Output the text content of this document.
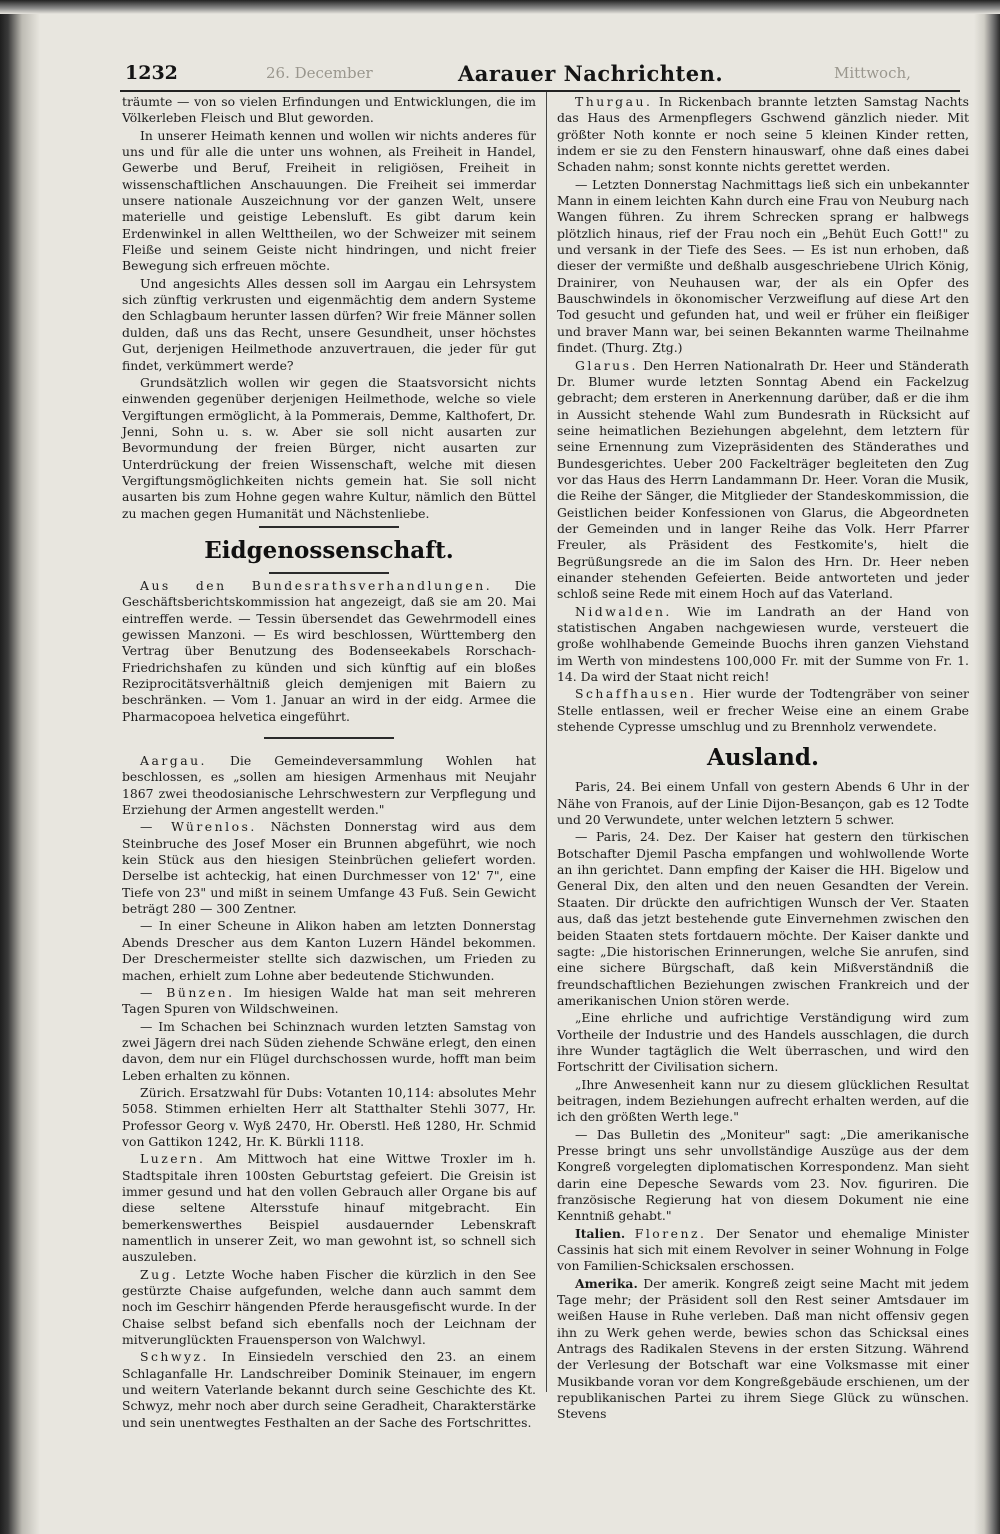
1232	26. December	Aarauer Nachrichten.	Mittwoch,

träumte — von so vielen Erfindungen und Entwicklungen, die im Völkerleben Fleisch und Blut geworden.

In unserer Heimath kennen und wollen wir nichts anderes für uns und für alle die unter uns wohnen, als Freiheit in Handel, Gewerbe und Beruf, Freiheit in religiösen, Freiheit in wissenschaftlichen Anschauungen. Die Freiheit sei immerdar unsere nationale Auszeichnung vor der ganzen Welt, unsere materielle und geistige Lebensluft. Es gibt darum kein Erdenwinkel in allen Welttheilen, wo der Schweizer mit seinem Fleiße und seinem Geiste nicht hindringen, und nicht freier Bewegung sich erfreuen möchte.

Und angesichts Alles dessen soll im Aargau ein Lehrsystem sich zünftig verkrusten und eigenmächtig dem andern Systeme den Schlagbaum herunter lassen dürfen? Wir freie Männer sollen dulden, daß uns das Recht, unsere Gesundheit, unser höchstes Gut, derjenigen Heilmethode anzuvertrauen, die jeder für gut findet, verkümmert werde?

Grundsätzlich wollen wir gegen die Staatsvorsicht nichts einwenden gegenüber derjenigen Heilmethode, welche so viele Vergiftungen ermöglicht, à la Pommerais, Demme, Kalthofert, Dr. Jenni, Sohn u. s. w. Aber sie soll nicht ausarten zur Bevormundung der freien Bürger, nicht ausarten zur Unterdrückung der freien Wissenschaft, welche mit diesen Vergiftungsmöglichkeiten nichts gemein hat. Sie soll nicht ausarten bis zum Hohne gegen wahre Kultur, nämlich den Büttel zu machen gegen Humanität und Nächstenliebe.

Eidgenossenschaft.

Aus den Bundesrathsverhandlungen. Die Geschäftsberichtskommission hat angezeigt, daß sie am 20. Mai eintreffen werde. — Tessin übersendet das Gewehrmodell eines gewissen Manzoni. — Es wird beschlossen, Württemberg den Vertrag über Benutzung des Bodenseekabels Rorschach-Friedrichshafen zu künden und sich künftig auf ein bloßes Reziprocitätsverhältniß gleich demjenigen mit Baiern zu beschränken. — Vom 1. Januar an wird in der eidg. Armee die Pharmacopoea helvetica eingeführt.

Aargau. Die Gemeindeversammlung Wohlen hat beschlossen, es „sollen am hiesigen Armenhaus mit Neujahr 1867 zwei theodosianische Lehrschwestern zur Verpflegung und Erziehung der Armen angestellt werden."

— Würenlos. Nächsten Donnerstag wird aus dem Steinbruche des Josef Moser ein Brunnen abgeführt, wie noch kein Stück aus den hiesigen Steinbrüchen geliefert worden. Derselbe ist achteckig, hat einen Durchmesser von 12' 7", eine Tiefe von 23" und mißt in seinem Umfange 43 Fuß. Sein Gewicht beträgt 280 — 300 Zentner.

— In einer Scheune in Alikon haben am letzten Donnerstag Abends Drescher aus dem Kanton Luzern Händel bekommen. Der Dreschermeister stellte sich dazwischen, um Frieden zu machen, erhielt zum Lohne aber bedeutende Stichwunden.

— Bünzen. Im hiesigen Walde hat man seit mehreren Tagen Spuren von Wildschweinen.

— Im Schachen bei Schinznach wurden letzten Samstag von zwei Jägern drei nach Süden ziehende Schwäne erlegt, den einen davon, dem nur ein Flügel durchschossen wurde, hofft man beim Leben erhalten zu können.

Zürich. Ersatzwahl für Dubs: Votanten 10,114: absolutes Mehr 5058. Stimmen erhielten Herr alt Statthalter Stehli 3077, Hr. Professor Georg v. Wyß 2470, Hr. Oberstl. Heß 1280, Hr. Schmid von Gattikon 1242, Hr. K. Bürkli 1118.

Luzern. Am Mittwoch hat eine Wittwe Troxler im h. Stadtspitale ihren 100sten Geburtstag gefeiert. Die Greisin ist immer gesund und hat den vollen Gebrauch aller Organe bis auf diese seltene Altersstufe hinauf mitgebracht. Ein bemerkenswerthes Beispiel ausdauernder Lebenskraft namentlich in unserer Zeit, wo man gewohnt ist, so schnell sich auszuleben.

Zug. Letzte Woche haben Fischer die kürzlich in den See gestürzte Chaise aufgefunden, welche dann auch sammt dem noch im Geschirr hängenden Pferde herausgefischt wurde. In der Chaise selbst befand sich ebenfalls noch der Leichnam der mitverunglückten Frauensperson von Walchwyl.

Schwyz. In Einsiedeln verschied den 23. an einem Schlaganfalle Hr. Landschreiber Dominik Steinauer, im engern und weitern Vaterlande bekannt durch seine Geschichte des Kt. Schwyz, mehr noch aber durch seine Geradheit, Charakterstärke und sein unentwegtes Festhalten an der Sache des Fortschrittes.

Thurgau. In Rickenbach brannte letzten Samstag Nachts das Haus des Armenpflegers Gschwend gänzlich nieder. Mit größter Noth konnte er noch seine 5 kleinen Kinder retten, indem er sie zu den Fenstern hinauswarf, ohne daß eines dabei Schaden nahm; sonst konnte nichts gerettet werden.

— Letzten Donnerstag Nachmittags ließ sich ein unbekannter Mann in einem leichten Kahn durch eine Frau von Neuburg nach Wangen führen. Zu ihrem Schrecken sprang er halbwegs plötzlich hinaus, rief der Frau noch ein „Behüt Euch Gott!" zu und versank in der Tiefe des Sees. — Es ist nun erhoben, daß dieser der vermißte und deßhalb ausgeschriebene Ulrich König, Drainirer, von Neuhausen war, der als ein Opfer des Bauschwindels in ökonomischer Verzweiflung auf diese Art den Tod gesucht und gefunden hat, und weil er früher ein fleißiger und braver Mann war, bei seinen Bekannten warme Theilnahme findet. (Thurg. Ztg.)

Glarus. Den Herren Nationalrath Dr. Heer und Ständerath Dr. Blumer wurde letzten Sonntag Abend ein Fackelzug gebracht; dem ersteren in Anerkennung darüber, daß er die ihm in Aussicht stehende Wahl zum Bundesrath in Rücksicht auf seine heimatlichen Beziehungen abgelehnt, dem letztern für seine Ernennung zum Vizepräsidenten des Ständerathes und Bundesgerichtes. Ueber 200 Fackelträger begleiteten den Zug vor das Haus des Herrn Landammann Dr. Heer. Voran die Musik, die Reihe der Sänger, die Mitglieder der Standeskommission, die Geistlichen beider Konfessionen von Glarus, die Abgeordneten der Gemeinden und in langer Reihe das Volk. Herr Pfarrer Freuler, als Präsident des Festkomite's, hielt die Begrüßungsrede an die im Salon des Hrn. Dr. Heer neben einander stehenden Gefeierten. Beide antworteten und jeder schloß seine Rede mit einem Hoch auf das Vaterland.

Nidwalden. Wie im Landrath an der Hand von statistischen Angaben nachgewiesen wurde, versteuert die große wohlhabende Gemeinde Buochs ihren ganzen Viehstand im Werth von mindestens 100,000 Fr. mit der Summe von Fr. 1. 14. Da wird der Staat nicht reich!

Schaffhausen. Hier wurde der Todtengräber von seiner Stelle entlassen, weil er frecher Weise eine an einem Grabe stehende Cypresse umschlug und zu Brennholz verwendete.

Ausland.

Paris, 24. Bei einem Unfall von gestern Abends 6 Uhr in der Nähe von Franois, auf der Linie Dijon-Besançon, gab es 12 Todte und 20 Verwundete, unter welchen letztern 5 schwer.

— Paris, 24. Dez. Der Kaiser hat gestern den türkischen Botschafter Djemil Pascha empfangen und wohlwollende Worte an ihn gerichtet. Dann empfing der Kaiser die HH. Bigelow und General Dix, den alten und den neuen Gesandten der Verein. Staaten. Dir drückte den aufrichtigen Wunsch der Ver. Staaten aus, daß das jetzt bestehende gute Einvernehmen zwischen den beiden Staaten stets fortdauern möchte. Der Kaiser dankte und sagte: „Die historischen Erinnerungen, welche Sie anrufen, sind eine sichere Bürgschaft, daß kein Mißverständniß die freundschaftlichen Beziehungen zwischen Frankreich und der amerikanischen Union stören werde.

„Eine ehrliche und aufrichtige Verständigung wird zum Vortheile der Industrie und des Handels ausschlagen, die durch ihre Wunder tagtäglich die Welt überraschen, und wird den Fortschritt der Civilisation sichern.

„Ihre Anwesenheit kann nur zu diesem glücklichen Resultat beitragen, indem Beziehungen aufrecht erhalten werden, auf die ich den größten Werth lege."

— Das Bulletin des „Moniteur" sagt: „Die amerikanische Presse bringt uns sehr unvollständige Auszüge aus der dem Kongreß vorgelegten diplomatischen Korrespondenz. Man sieht darin eine Depesche Sewards vom 23. Nov. figuriren. Die französische Regierung hat von diesem Dokument nie eine Kenntniß gehabt."

Italien. Florenz. Der Senator und ehemalige Minister Cassinis hat sich mit einem Revolver in seiner Wohnung in Folge von Familien-Schicksalen erschossen.

Amerika. Der amerik. Kongreß zeigt seine Macht mit jedem Tage mehr; der Präsident soll den Rest seiner Amtsdauer im weißen Hause in Ruhe verleben. Daß man nicht offensiv gegen ihn zu Werk gehen werde, bewies schon das Schicksal eines Antrags des Radikalen Stevens in der ersten Sitzung. Während der Verlesung der Botschaft war eine Volksmasse mit einer Musikbande voran vor dem Kongreßgebäude erschienen, um der republikanischen Partei zu ihrem Siege Glück zu wünschen. Stevens
